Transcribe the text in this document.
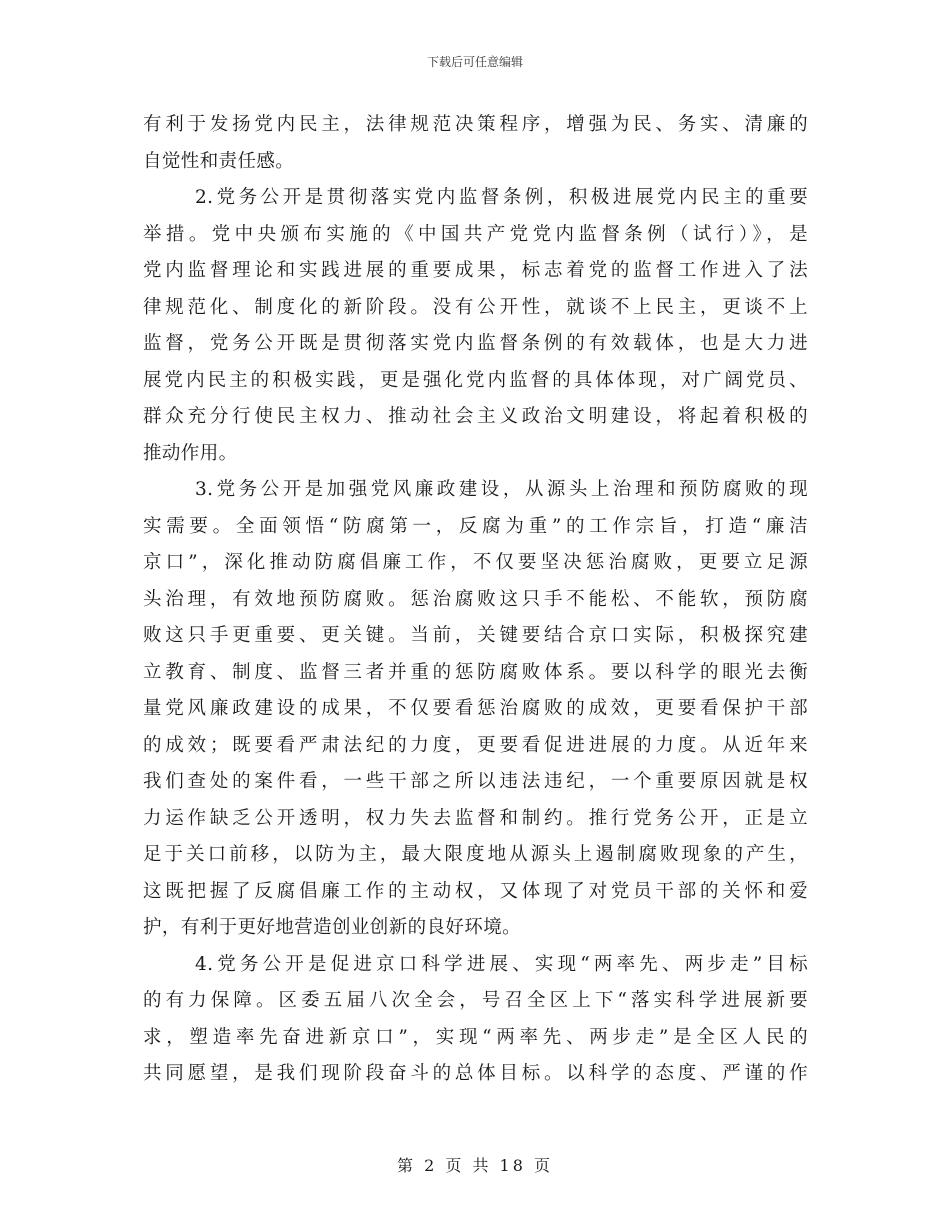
下载后可任意编辑
有利于发扬党内民主，法律规范决策程序，增强为民、务实、清廉的
自觉性和责任感。
2.党务公开是贯彻落实党内监督条例，积极进展党内民主的重要
举措。党中央颁布实施的《中国共产党党内监督条例（试行）》，是
党内监督理论和实践进展的重要成果，标志着党的监督工作进入了法
律规范化、制度化的新阶段。没有公开性，就谈不上民主，更谈不上
监督，党务公开既是贯彻落实党内监督条例的有效载体，也是大力进
展党内民主的积极实践，更是强化党内监督的具体体现，对广阔党员、
群众充分行使民主权力、推动社会主义政治文明建设，将起着积极的
推动作用。
3.党务公开是加强党风廉政建设，从源头上治理和预防腐败的现
实需要。全面领悟“防腐第一，反腐为重”的工作宗旨，打造“廉洁
京口”，深化推动防腐倡廉工作，不仅要坚决惩治腐败，更要立足源
头治理，有效地预防腐败。惩治腐败这只手不能松、不能软，预防腐
败这只手更重要、更关键。当前，关键要结合京口实际，积极探究建
立教育、制度、监督三者并重的惩防腐败体系。要以科学的眼光去衡
量党风廉政建设的成果，不仅要看惩治腐败的成效，更要看保护干部
的成效；既要看严肃法纪的力度，更要看促进进展的力度。从近年来
我们查处的案件看，一些干部之所以违法违纪，一个重要原因就是权
力运作缺乏公开透明，权力失去监督和制约。推行党务公开，正是立
足于关口前移，以防为主，最大限度地从源头上遏制腐败现象的产生，
这既把握了反腐倡廉工作的主动权，又体现了对党员干部的关怀和爱
护，有利于更好地营造创业创新的良好环境。
4.党务公开是促进京口科学进展、实现“两率先、两步走”目标
的有力保障。区委五届八次全会，号召全区上下“落实科学进展新要
求，塑造率先奋进新京口”，实现“两率先、两步走”是全区人民的
共同愿望，是我们现阶段奋斗的总体目标。以科学的态度、严谨的作
第 2 页 共 18 页
